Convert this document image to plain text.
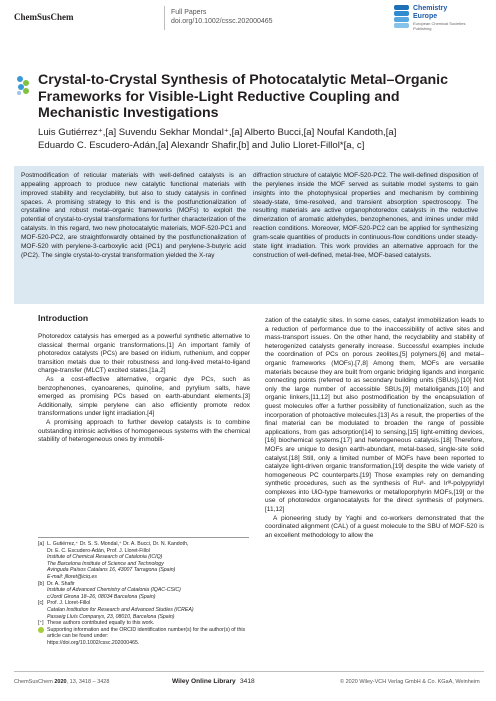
ChemSusChem	Full Papers
doi.org/10.1002/cssc.202000465
Chemistry
Europe
European Chemical Societies Publishing
Crystal-to-Crystal Synthesis of Photocatalytic Metal–Organic Frameworks for Visible-Light Reductive Coupling and Mechanistic Investigations
Luis Gutiérrez⁺,[a] Suvendu Sekhar Mondal⁺,[a] Alberto Bucci,[a] Noufal Kandoth,[a]
Eduardo C. Escudero-Adán,[a] Alexandr Shafir,[b] and Julio Lloret-Fillol*[a, c]
Postmodification of reticular materials with well-defined catalysts is an appealing approach to produce new catalytic functional materials with improved stability and recyclability, but also to study catalysis in confined spaces. A promising strategy to this end is the postfunctionalization of crystalline and robust metal–organic frameworks (MOFs) to exploit the potential of crystal-to-crystal transformations for further characterization of the catalysts. In this regard, two new photocatalytic materials, MOF-520-PC1 and MOF-520-PC2, are straightforwardly obtained by the postfunctionalization of MOF-520 with perylene-3-carboxylic acid (PC1) and perylene-3-butyric acid (PC2). The single crystal-to-crystal transformation yielded the X-ray
diffraction structure of catalytic MOF-520-PC2. The well-defined disposition of the perylenes inside the MOF served as suitable model systems to gain insights into the photophysical properties and mechanism by combining steady-state, time-resolved, and transient absorption spectroscopy. The resulting materials are active organophotoredox catalysts in the reductive dimerization of aromatic aldehydes, benzophenones, and imines under mild reaction conditions. Moreover, MOF-520-PC2 can be applied for synthesizing gram-scale quantities of products in continuous-flow conditions under steady-state light irradiation. This work provides an alternative approach for the construction of well-defined, metal-free, MOF-based catalysts.
Introduction

Photoredox catalysis has emerged as a powerful synthetic alternative to classical thermal organic transformations.[1] An important family of photoredox catalysts (PCs) are based on iridium, ruthenium, and copper transition metals due to their robustness and long-lived metal-to-ligand charge-transfer (MLCT) excited states.[1a,2]

As a cost-effective alternative, organic dye PCs, such as benzophenones, cyanoarenes, quinoline, and pyrylium salts, have emerged as promising PCs based on earth-abundant elements.[3] Additionally, simple perylene can also efficiently promote redox transformations under light irradiation.[4]

A promising approach to further develop catalysts is to combine outstanding intrinsic activities of homogeneous systems with the chemical stability of heterogeneous ones by immobili-

zation of the catalytic sites. In some cases, catalyst immobilization leads to a reduction of performance due to the inaccessibility of active sites and mass-transport issues. On the other hand, the recyclability and stability of heterogenized catalysts generally increase. Successful examples include the coordination of PCs on porous zeolites,[5] polymers,[6] and metal–organic frameworks (MOFs).[7,8] Among them, MOFs are versatile materials because they are built from organic bridging ligands and inorganic connecting points (referred to as secondary building units (SBUs)).[10] Not only the large number of accessible SBUs,[9] metalloligands,[10] and organic linkers,[11,12] but also postmodification by the encapsulation of guest molecules offer a further possibility of functionalization, such as the incorporation of photoactive molecules.[13] As a result, the properties of the final material can be modulated to broaden the range of possible applications, from gas adsorption[14] to sensing,[15] light-emitting devices,[16] biochemical systems,[17] and heterogeneous catalysis.[18] Therefore, MOFs are unique to design earth-abundant, metal-based, single-site solid catalyst.[18] Still, only a limited number of MOFs have been reported to catalyze light-driven organic transformation,[19] despite the wide variety of homogeneous PC counterparts.[19] Those examples rely on demanding synthetic procedures, such as the synthesis of Ruᴵᴵ- and Irᴵᴵᴵ-polypyridyl complexes into UiO-type frameworks or metalloporphyrin MOFs,[19] or the use of photoredox organocatalysts for the direct synthesis of polymers.[11,12]

A pioneering study by Yaghi and co-workers demonstrated that the coordinated alignment (CAL) of a guest molecule to the SBU of MOF-520 is an excellent methodology to allow the

[a] L. Gutiérrez,⁺ Dr. S. S. Mondal,⁺ Dr. A. Bucci, Dr. N. Kandoth,
Dr. E. C. Escudero-Adán, Prof. J. Lloret-Fillol
Institute of Chemical Research of Catalonia (ICIQ)
The Barcelona Institute of Science and Technology
Avinguda Països Catalans 16, 43007 Tarragona (Spain)
E-mail: jlloret@iciq.es
[b] Dr. A. Shafir
Institute of Advanced Chemistry of Catalonia (IQAC-CSIC)
c/Jordi Girona 18–26, 08034 Barcelona (Spain)
[c] Prof. J. Lloret-Fillol
Catalan Institution for Research and Advanced Studies (ICREA)
Passeig Lluís Companys, 23, 08010, Barcelona (Spain)
[⁺] These authors contributed equally to this work.
Supporting information and the ORCID identification number(s) for the author(s) of this article can be found under:
https://doi.org/10.1002/cssc.202000465.
ChemSusChem 2020, 13, 3418 – 3428	Wiley Online Library 3418	© 2020 Wiley-VCH Verlag GmbH & Co. KGaA, Weinheim
